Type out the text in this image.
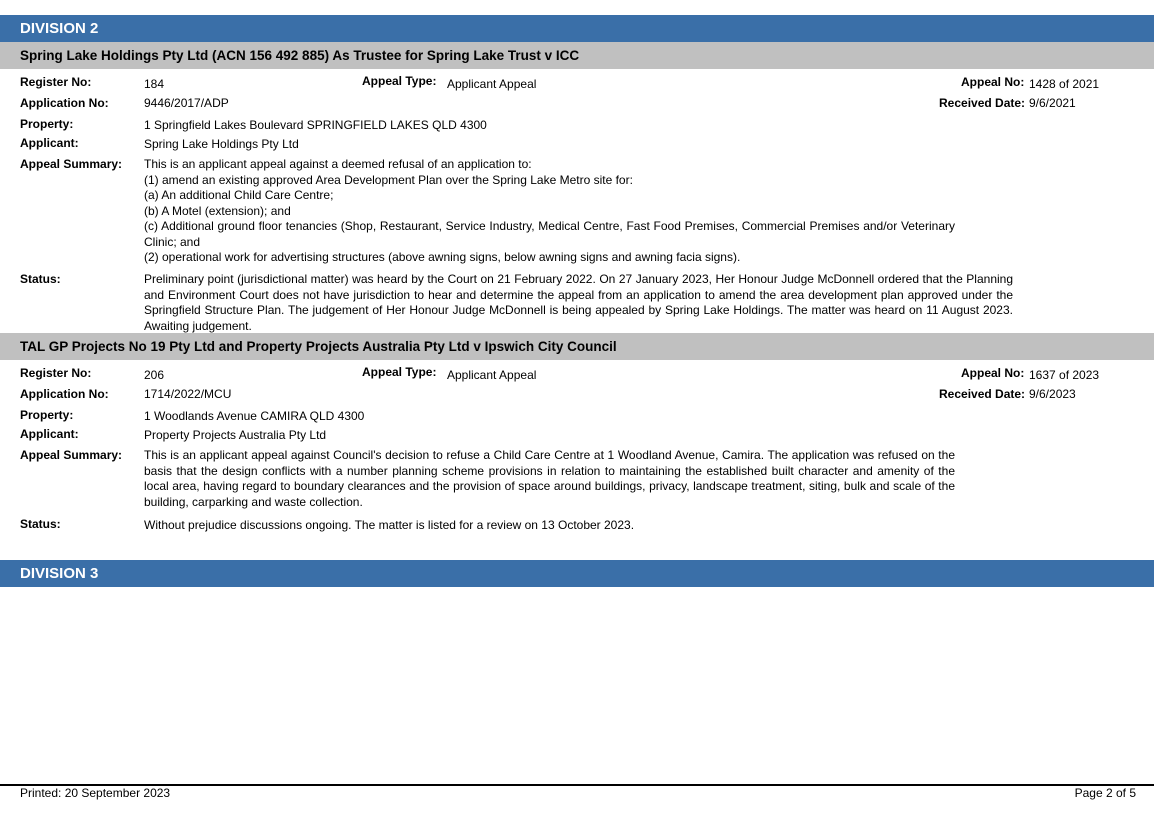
DIVISION 2
Spring Lake Holdings Pty Ltd (ACN 156 492 885) As Trustee for Spring Lake Trust v ICC
Register No:	184	Appeal Type: Applicant Appeal	Appeal No: 1428 of 2021
Application No:	9446/2017/ADP	Received Date: 9/6/2021
Property:	1 Springfield Lakes Boulevard SPRINGFIELD LAKES QLD 4300
Applicant:	Spring Lake Holdings Pty Ltd
Appeal Summary: This is an applicant appeal against a deemed refusal of an application to:
(1) amend an existing approved Area Development Plan over the Spring Lake Metro site for:
(a) An additional Child Care Centre;
(b) A Motel (extension); and
(c) Additional ground floor tenancies (Shop, Restaurant, Service Industry, Medical Centre, Fast Food Premises, Commercial Premises and/or Veterinary Clinic; and
(2) operational work for advertising structures (above awning signs, below awning signs and awning facia signs).
Status:	Preliminary point (jurisdictional matter) was heard by the Court on 21 February 2022. On 27 January 2023, Her Honour Judge McDonnell ordered that the Planning and Environment Court does not have jurisdiction to hear and determine the appeal from an application to amend the area development plan approved under the Springfield Structure Plan. The judgement of Her Honour Judge McDonnell is being appealed by Spring Lake Holdings. The matter was heard on 11 August 2023. Awaiting judgement.

TAL GP Projects No 19 Pty Ltd and Property Projects Australia Pty Ltd v Ipswich City Council
Register No:	206	Appeal Type: Applicant Appeal	Appeal No: 1637 of 2023
Application No:	1714/2022/MCU	Received Date: 9/6/2023
Property:	1 Woodlands Avenue CAMIRA QLD 4300
Applicant:	Property Projects Australia Pty Ltd
Appeal Summary: This is an applicant appeal against Council's decision to refuse a Child Care Centre at 1 Woodland Avenue, Camira. The application was refused on the basis that the design conflicts with a number planning scheme provisions in relation to maintaining the established built character and amenity of the local area, having regard to boundary clearances and the provision of space around buildings, privacy, landscape treatment, siting, bulk and scale of the building, carparking and waste collection.

Status:	Without prejudice discussions ongoing. The matter is listed for a review on 13 October 2023.
DIVISION 3
Printed: 20 September 2023	Page 2 of 5
